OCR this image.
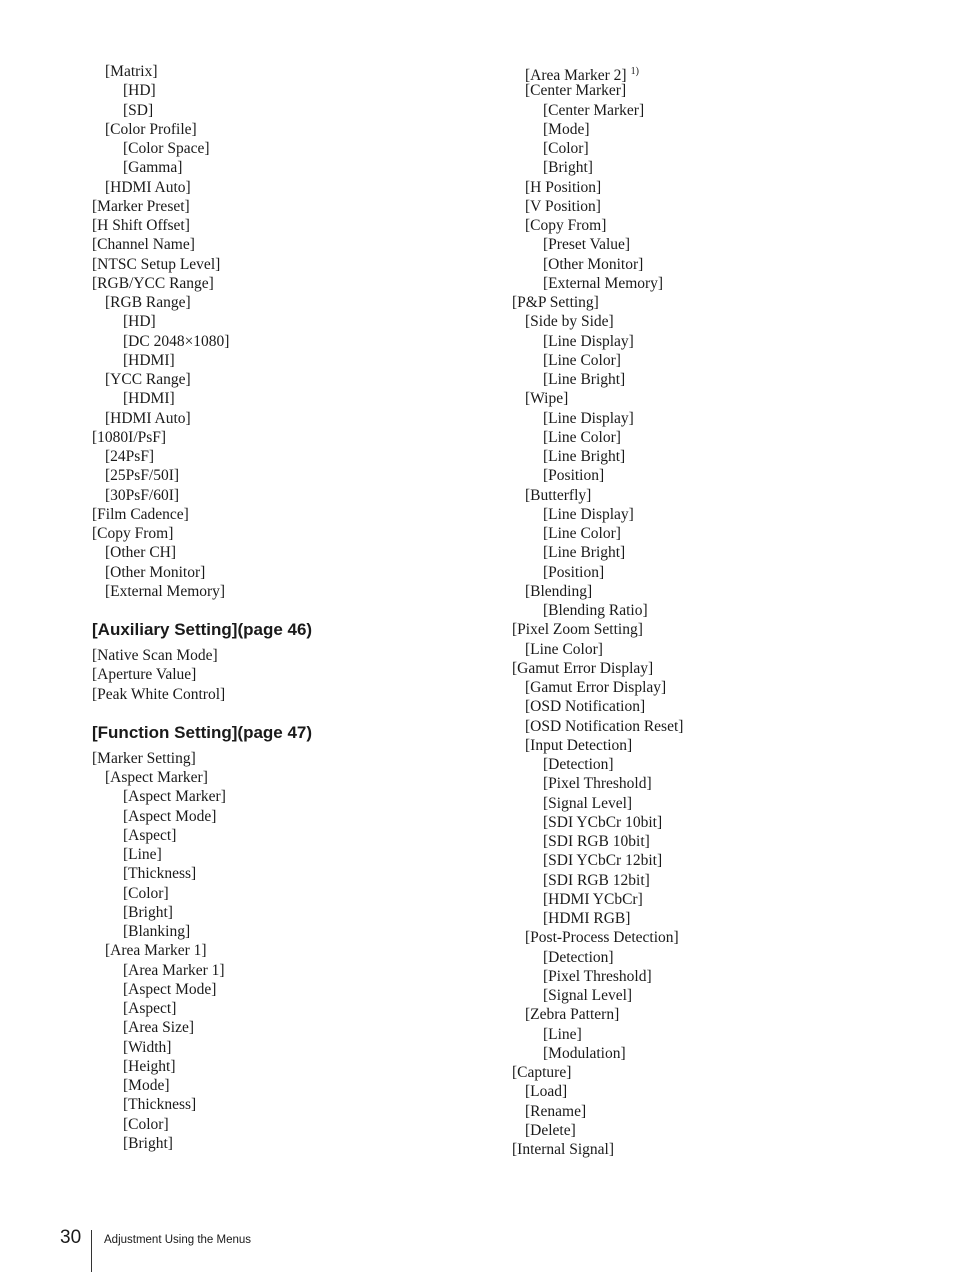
[Matrix]
[HD]
[SD]
[Color Profile]
[Color Space]
[Gamma]
[HDMI Auto]
[Marker Preset]
[H Shift Offset]
[Channel Name]
[NTSC Setup Level]
[RGB/YCC Range]
[RGB Range]
[HD]
[DC 2048×1080]
[HDMI]
[YCC Range]
[HDMI]
[HDMI Auto]
[1080I/PsF]
[24PsF]
[25PsF/50I]
[30PsF/60I]
[Film Cadence]
[Copy From]
[Other CH]
[Other Monitor]
[External Memory]
[Auxiliary Setting](page 46)
[Native Scan Mode]
[Aperture Value]
[Peak White Control]
[Function Setting](page 47)
[Marker Setting]
[Aspect Marker]
[Aspect Marker]
[Aspect Mode]
[Aspect]
[Line]
[Thickness]
[Color]
[Bright]
[Blanking]
[Area Marker 1]
[Area Marker 1]
[Aspect Mode]
[Aspect]
[Area Size]
[Width]
[Height]
[Mode]
[Thickness]
[Color]
[Bright]
[Area Marker 2] $^{1)}$
[Center Marker]
[Center Marker]
[Mode]
[Color]
[Bright]
[H Position]
[V Position]
[Copy From]
[Preset Value]
[Other Monitor]
[External Memory]
[P&P Setting]
[Side by Side]
[Line Display]
[Line Color]
[Line Bright]
[Wipe]
[Line Display]
[Line Color]
[Line Bright]
[Position]
[Butterfly]
[Line Display]
[Line Color]
[Line Bright]
[Position]
[Blending]
[Blending Ratio]
[Pixel Zoom Setting]
[Line Color]
[Gamut Error Display]
[Gamut Error Display]
[OSD Notification]
[OSD Notification Reset]
[Input Detection]
[Detection]
[Pixel Threshold]
[Signal Level]
[SDI YCbCr 10bit]
[SDI RGB 10bit]
[SDI YCbCr 12bit]
[SDI RGB 12bit]
[HDMI YCbCr]
[HDMI RGB]
[Post-Process Detection]
[Detection]
[Pixel Threshold]
[Signal Level]
[Zebra Pattern]
[Line]
[Modulation]
[Capture]
[Load]
[Rename]
[Delete]
[Internal Signal]
30 Adjustment Using the Menus
